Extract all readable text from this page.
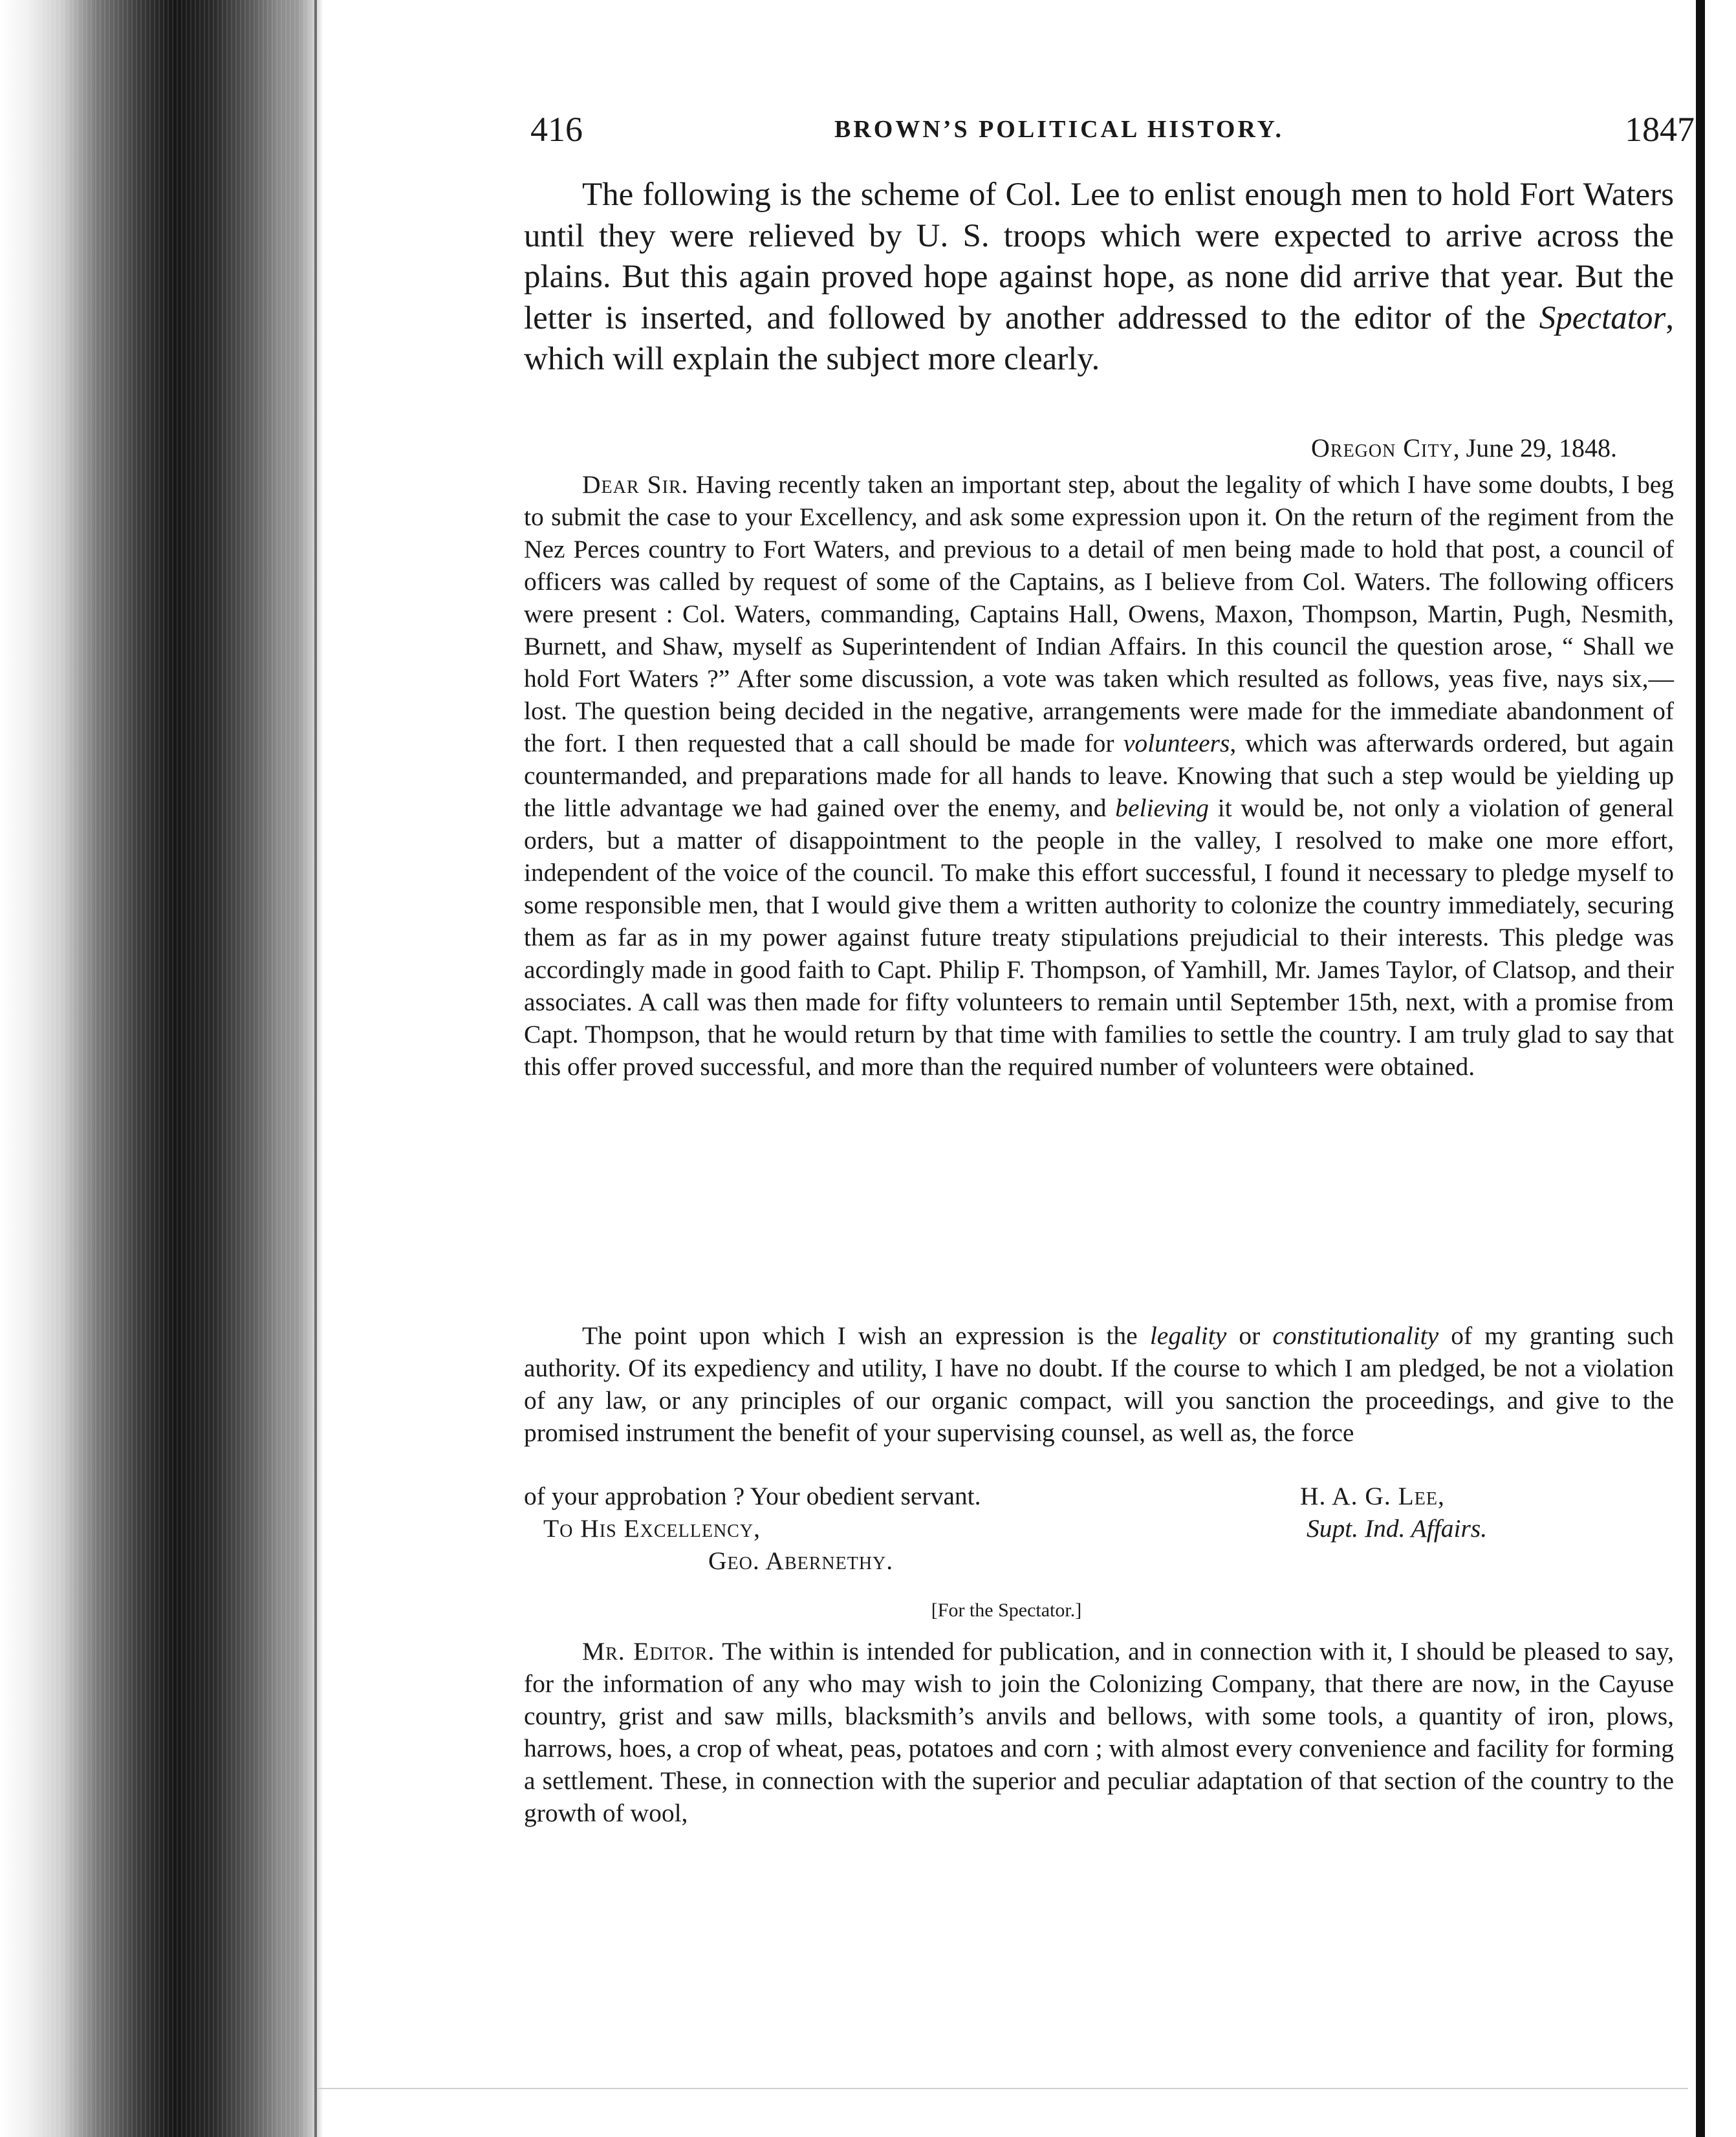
416	BROWN’S POLITICAL HISTORY.	1847

The following is the scheme of Col. Lee to enlist enough men to hold Fort Waters until they were relieved by U. S. troops which were expected to arrive across the plains. But this again proved hope against hope, as none did arrive that year. But the letter is inserted, and followed by another addressed to the editor of the Spectator, which will explain the subject more clearly.

Oregon City, June 29, 1848.

Dear Sir. Having recently taken an important step, about the legality of which I have some doubts, I beg to submit the case to your Excellency, and ask some expression upon it. On the return of the regiment from the Nez Perces country to Fort Waters, and previous to a detail of men being made to hold that post, a council of officers was called by request of some of the Captains, as I believe from Col. Waters. The following officers were present : Col. Waters, commanding, Captains Hall, Owens, Maxon, Thompson, Martin, Pugh, Nesmith, Burnett, and Shaw, myself as Superintendent of Indian Affairs. In this council the question arose, “ Shall we hold Fort Waters ?” After some discussion, a vote was taken which resulted as follows, yeas five, nays six,—lost. The question being decided in the negative, arrangements were made for the immediate abandonment of the fort. I then requested that a call should be made for volunteers, which was afterwards ordered, but again countermanded, and preparations made for all hands to leave. Knowing that such a step would be yielding up the little advantage we had gained over the enemy, and believing it would be, not only a violation of general orders, but a matter of disappointment to the people in the valley, I resolved to make one more effort, independent of the voice of the council. To make this effort successful, I found it necessary to pledge myself to some responsible men, that I would give them a written authority to colonize the country immediately, securing them as far as in my power against future treaty stipulations prejudicial to their interests. This pledge was accordingly made in good faith to Capt. Philip F. Thompson, of Yamhill, Mr. James Taylor, of Clatsop, and their associates. A call was then made for fifty volunteers to remain until September 15th, next, with a promise from Capt. Thompson, that he would return by that time with families to settle the country. I am truly glad to say that this offer proved successful, and more than the required number of volunteers were obtained.

The point upon which I wish an expression is the legality or constitutionality of my granting such authority. Of its expediency and utility, I have no doubt. If the course to which I am pledged, be not a violation of any law, or any principles of our organic compact, will you sanction the proceedings, and give to the promised instrument the benefit of your supervising counsel, as well as, the force

of your approbation ? Your obedient servant.	H. A. G. Lee,
To His Excellency,	Supt. Ind. Affairs.
Geo. Abernethy.
[For the Spectator.]

Mr. Editor. The within is intended for publication, and in connection with it, I should be pleased to say, for the information of any who may wish to join the Colonizing Company, that there are now, in the Cayuse country, grist and saw mills, blacksmith’s anvils and bellows, with some tools, a quantity of iron, plows, harrows, hoes, a crop of wheat, peas, potatoes and corn ; with almost every convenience and facility for forming a settlement. These, in connection with the superior and peculiar adaptation of that section of the country to the growth of wool,
